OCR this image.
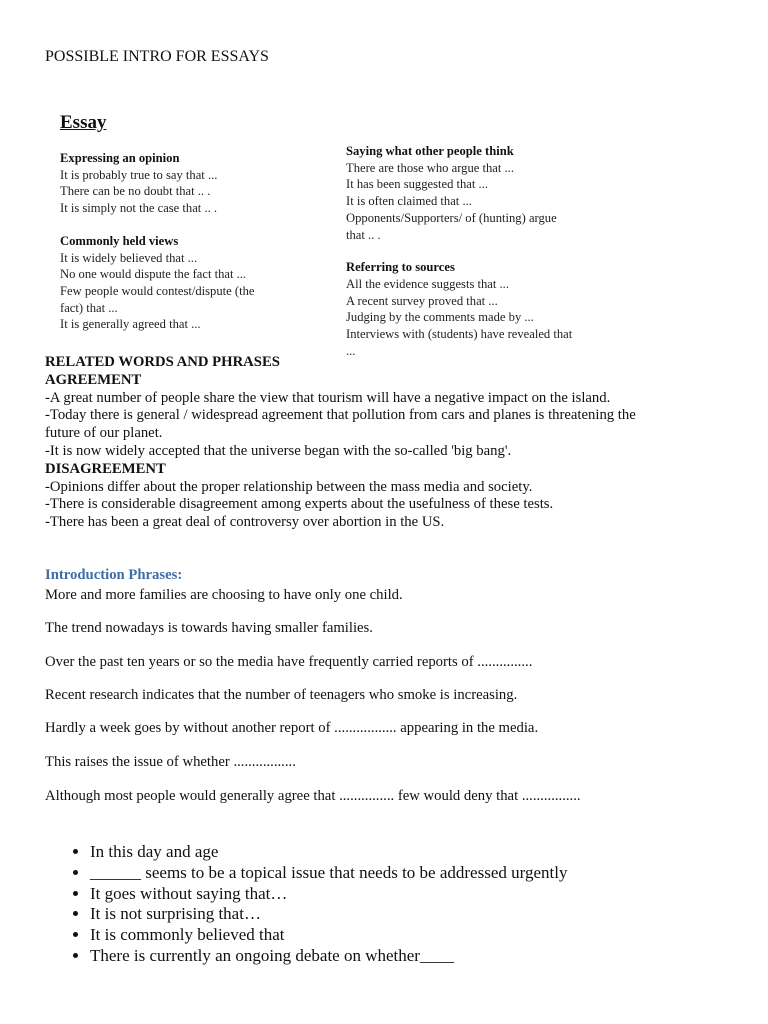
POSSIBLE INTRO FOR ESSAYS
Essay
Expressing an opinion
It is probably true to say that ...
There can be no doubt that .. .
It is simply not the case that .. .
Commonly held views
It is widely believed that ...
No one would dispute the fact that ...
Few people would contest/dispute (the
fact) that ...
It is generally agreed that ...
Saying what other people think
There are those who argue that ...
It has been suggested that ...
It is often claimed that ...
Opponents/Supporters/ of (hunting) argue
that .. .
Referring to sources
All the evidence suggests that ...
A recent survey proved that ...
Judging by the comments made by ...
Interviews with (students) have revealed that
...
RELATED WORDS AND PHRASES
AGREEMENT
-A great number of people share the view that tourism will have a negative impact on the island.
-Today there is general / widespread agreement that pollution from cars and planes is threatening the
future of our planet.
-It is now widely accepted that the universe began with the so-called 'big bang'.
DISAGREEMENT
-Opinions differ about the proper relationship between the mass media and society.
-There is considerable disagreement among experts about the usefulness of these tests.
-There has been a great deal of controversy over abortion in the US.
Introduction Phrases:
More and more families are choosing to have only one child.
The trend nowadays is towards having smaller families.
Over the past ten years or so the media have frequently carried reports of ...............
Recent research indicates that the number of teenagers who smoke is increasing.
Hardly a week goes by without another report of ................. appearing in the media.
This raises the issue of whether .................
Although most people would generally agree that ............... few would deny that ................
• In this day and age
• ______ seems to be a topical issue that needs to be addressed urgently
• It goes without saying that…
• It is not surprising that…
• It is commonly believed that
• There is currently an ongoing debate on whether____
